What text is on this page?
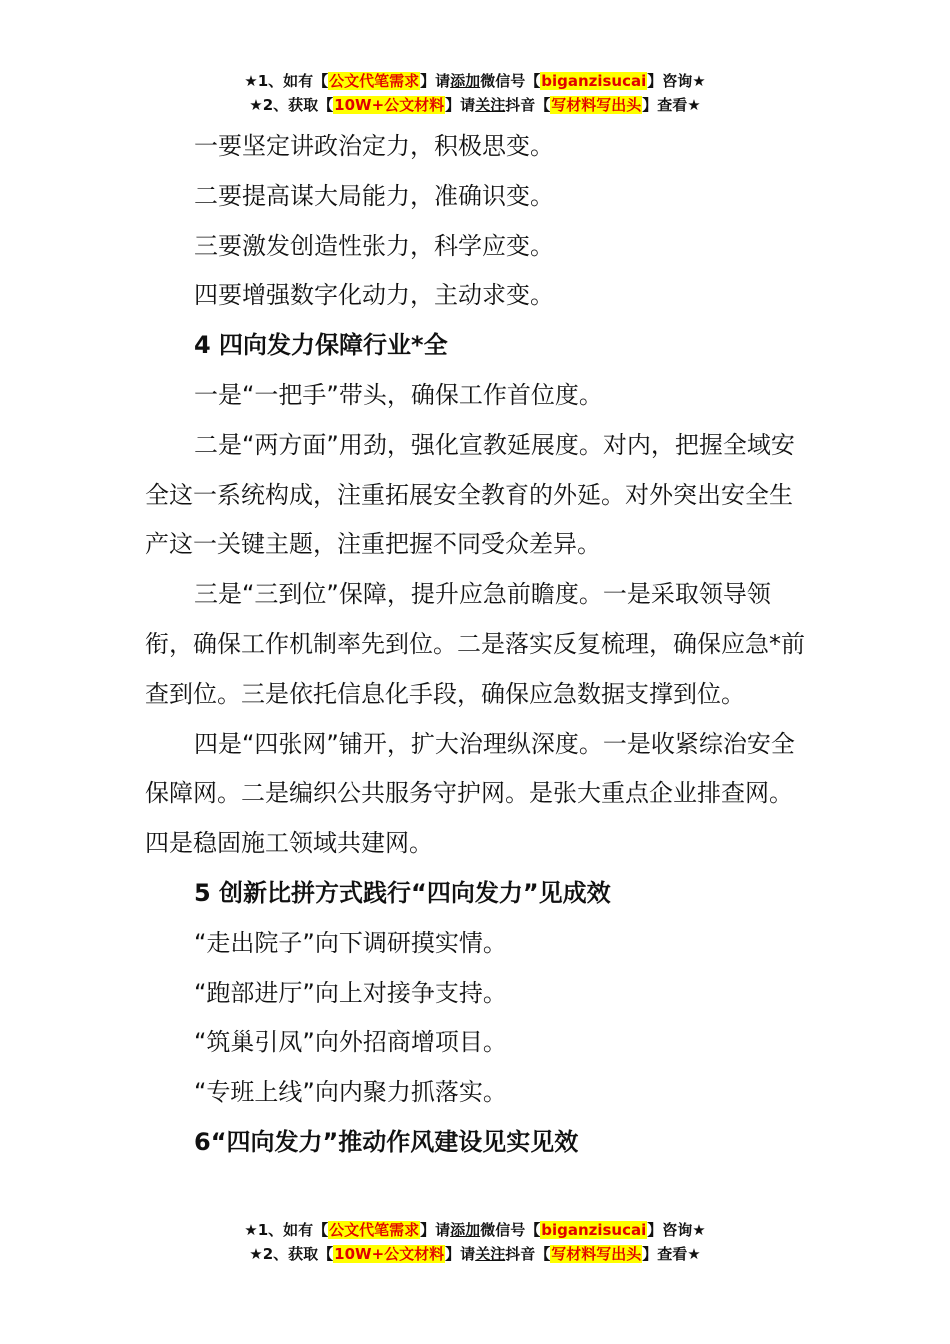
★1、如有【公文代笔需求】请添加微信号【biganzisucai】咨询★
★2、获取【10W+公文材料】请关注抖音【写材料写出头】查看★

一要坚定讲政治定力，积极思变。

二要提高谋大局能力，准确识变。

三要激发创造性张力，科学应变。

四要增强数字化动力，主动求变。

4 四向发力保障行业*全

一是“一把手”带头，确保工作首位度。

二是“两方面”用劲，强化宣教延展度。对内，把握全域安全这一系统构成，注重拓展安全教育的外延。对外突出安全生产这一关键主题，注重把握不同受众差异。

三是“三到位”保障，提升应急前瞻度。一是采取领导领衔，确保工作机制率先到位。二是落实反复梳理，确保应急*前查到位。三是依托信息化手段，确保应急数据支撑到位。

四是“四张网”铺开，扩大治理纵深度。一是收紧综治安全保障网。二是编织公共服务守护网。是张大重点企业排查网。四是稳固施工领域共建网。

5 创新比拼方式践行“四向发力”见成效

“走出院子”向下调研摸实情。

“跑部进厅”向上对接争支持。

“筑巢引凤”向外招商增项目。

“专班上线”向内聚力抓落实。

6“四向发力”推动作风建设见实见效

★1、如有【公文代笔需求】请添加微信号【biganzisucai】咨询★
★2、获取【10W+公文材料】请关注抖音【写材料写出头】查看★
